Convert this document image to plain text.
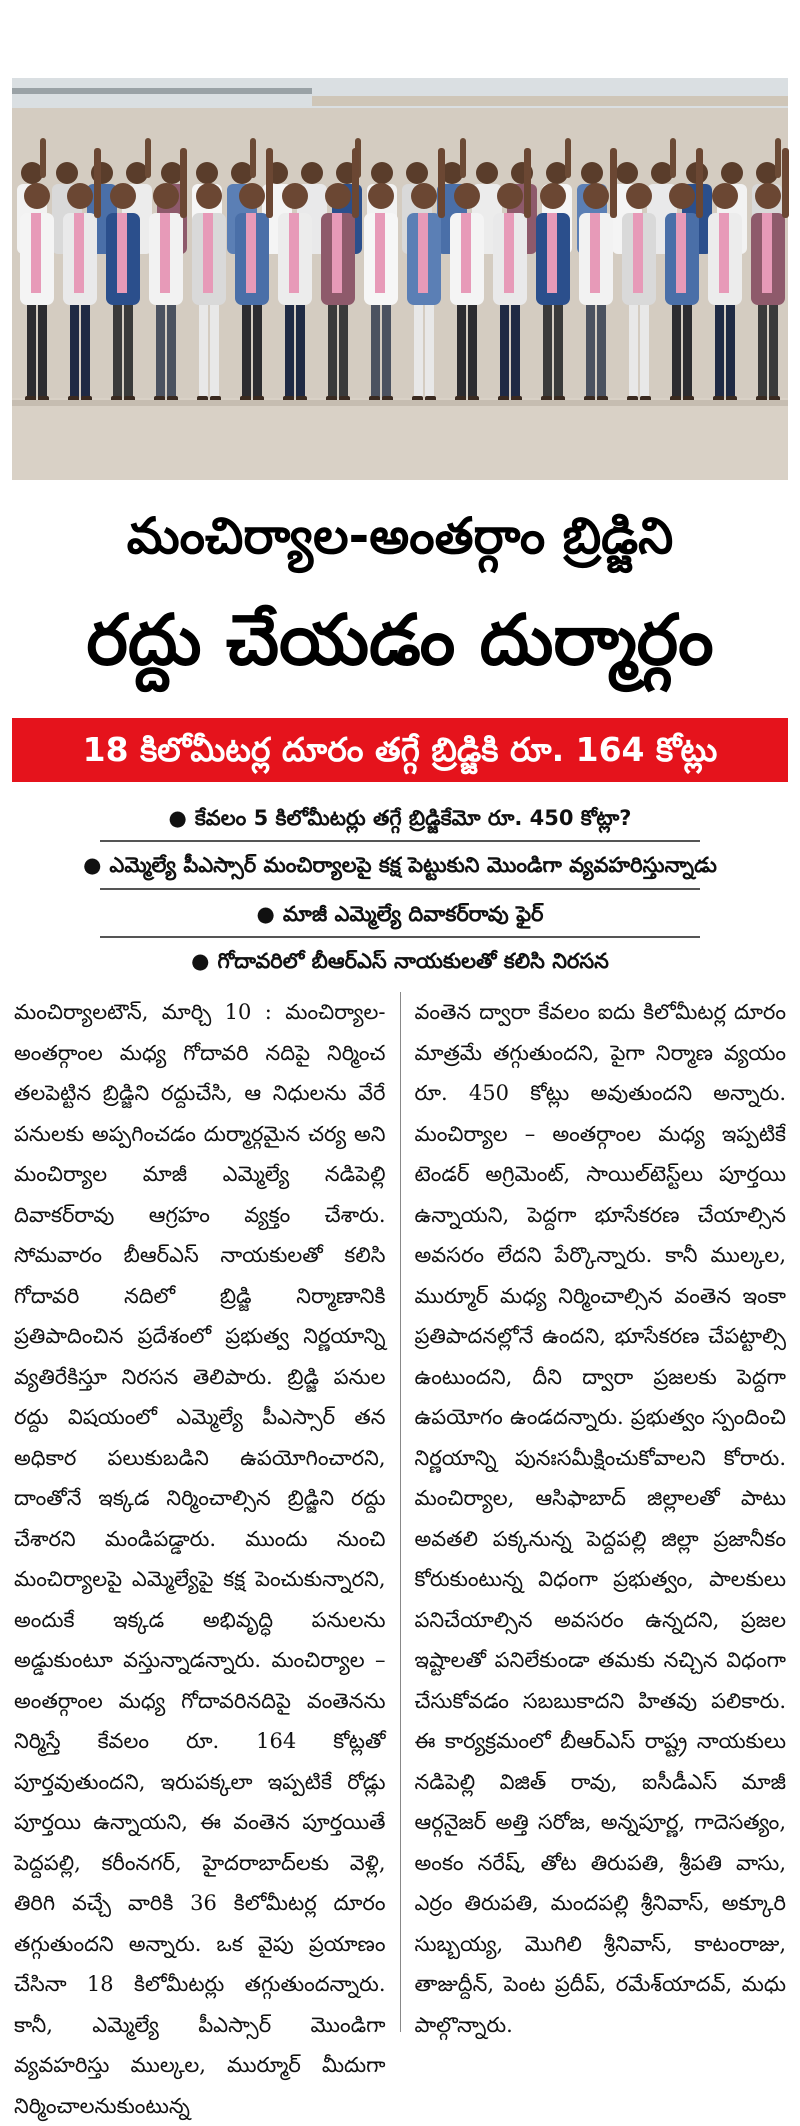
మంచిర్యాల-అంతర్గాం బ్రిడ్జిని
రద్దు చేయడం దుర్మార్గం
18 కిలోమీటర్ల దూరం తగ్గే బ్రిడ్జికి రూ. 164 కోట్లు
● కేవలం 5 కిలోమీటర్లు తగ్గే బ్రిడ్జికేమో రూ. 450 కోట్లా?
● ఎమ్మెల్యే పీఎస్సార్ మంచిర్యాలపై కక్ష పెట్టుకుని మొండిగా వ్యవహరిస్తున్నాడు
● మాజీ ఎమ్మెల్యే దివాకర్‌రావు ఫైర్
● గోదావరిలో బీఆర్ఎస్ నాయకులతో కలిసి నిరసన
మంచిర్యాలటౌన్, మార్చి 10 : మంచిర్యాల-అంతర్గాంల మధ్య గోదావరి నదిపై నిర్మించ తలపెట్టిన బ్రిడ్జిని రద్దుచేసి, ఆ నిధులను వేరే పనులకు అప్పగించడం దుర్మార్గమైన చర్య అని మంచిర్యాల మాజీ ఎమ్మెల్యే నడిపెల్లి దివాకర్‌రావు ఆగ్రహం వ్యక్తం చేశారు. సోమవారం బీఆర్ఎస్ నాయకులతో కలిసి గోదావరి నదిలో బ్రిడ్జి నిర్మాణానికి ప్రతిపాదించిన ప్రదేశంలో ప్రభుత్వ నిర్ణయాన్ని వ్యతిరేకిస్తూ నిరసన తెలిపారు. బ్రిడ్జి పనుల రద్దు విషయంలో ఎమ్మెల్యే పీఎస్సార్ తన అధికార పలుకుబడిని ఉపయోగించారని, దాంతోనే ఇక్కడ నిర్మించాల్సిన బ్రిడ్జిని రద్దు చేశారని మండిపడ్డారు. ముందు నుంచి మంచిర్యాలపై ఎమ్మెల్యేపై కక్ష పెంచుకున్నారని, అందుకే ఇక్కడ అభివృద్ధి పనులను అడ్డుకుంటూ వస్తున్నాడన్నారు. మంచిర్యాల – అంతర్గాంల మధ్య గోదావరినదిపై వంతెనను నిర్మిస్తే కేవలం రూ. 164 కోట్లతో పూర్తవుతుందని, ఇరుపక్కలా ఇప్పటికే రోడ్లు పూర్తయి ఉన్నాయని, ఈ వంతెన పూర్తయితే పెద్దపల్లి, కరీంనగర్, హైదరాబాద్‌లకు వెళ్లి, తిరిగి వచ్చే వారికి 36 కిలోమీటర్ల దూరం తగ్గుతుందని అన్నారు. ఒక వైపు ప్రయాణం చేసినా 18 కిలోమీటర్లు తగ్గుతుందన్నారు. కానీ, ఎమ్మెల్యే పీఎస్సార్ మొండిగా వ్యవహరిస్తు ముల్కల, ముర్మూర్ మీదుగా నిర్మించాలనుకుంటున్న
వంతెన ద్వారా కేవలం ఐదు కిలోమీటర్ల దూరం మాత్రమే తగ్గుతుందని, పైగా నిర్మాణ వ్యయం రూ. 450 కోట్లు అవుతుందని అన్నారు. మంచిర్యాల – అంతర్గాంల మధ్య ఇప్పటికే టెండర్ అగ్రిమెంట్, సాయిల్‌టెస్ట్‌లు పూర్తయి ఉన్నాయని, పెద్దగా భూసేకరణ చేయాల్సిన అవసరం లేదని పేర్కొన్నారు. కానీ ముల్కల, ముర్మూర్ మధ్య నిర్మించాల్సిన వంతెన ఇంకా ప్రతిపాదనల్లోనే ఉందని, భూసేకరణ చేపట్టాల్సి ఉంటుందని, దీని ద్వారా ప్రజలకు పెద్దగా ఉపయోగం ఉండదన్నారు. ప్రభుత్వం స్పందించి నిర్ణయాన్ని పునఃసమీక్షించుకోవాలని కోరారు. మంచిర్యాల, ఆసిఫాబాద్ జిల్లాలతో పాటు అవతలి పక్కనున్న పెద్దపల్లి జిల్లా ప్రజానీకం కోరుకుంటున్న విధంగా ప్రభుత్వం, పాలకులు పనిచేయాల్సిన అవసరం ఉన్నదని, ప్రజల ఇష్టాలతో పనిలేకుండా తమకు నచ్చిన విధంగా చేసుకోవడం సబబుకాదని హితవు పలికారు. ఈ కార్యక్రమంలో బీఆర్ఎస్ రాష్ట్ర నాయకులు నడిపెల్లి విజిత్ రావు, ఐసీడీఎస్ మాజీ ఆర్గనైజర్ అత్తి సరోజ, అన్నపూర్ణ, గాదెసత్యం, అంకం నరేష్, తోట తిరుపతి, శ్రీపతి వాసు, ఎర్రం తిరుపతి, మందపల్లి శ్రీనివాస్, అక్కూరి సుబ్బయ్య, మొగిలి శ్రీనివాస్, కాటంరాజు, తాజుద్దీన్, పెంట ప్రదీప్, రమేశ్‌యాదవ్, మధు పాల్గొన్నారు.
